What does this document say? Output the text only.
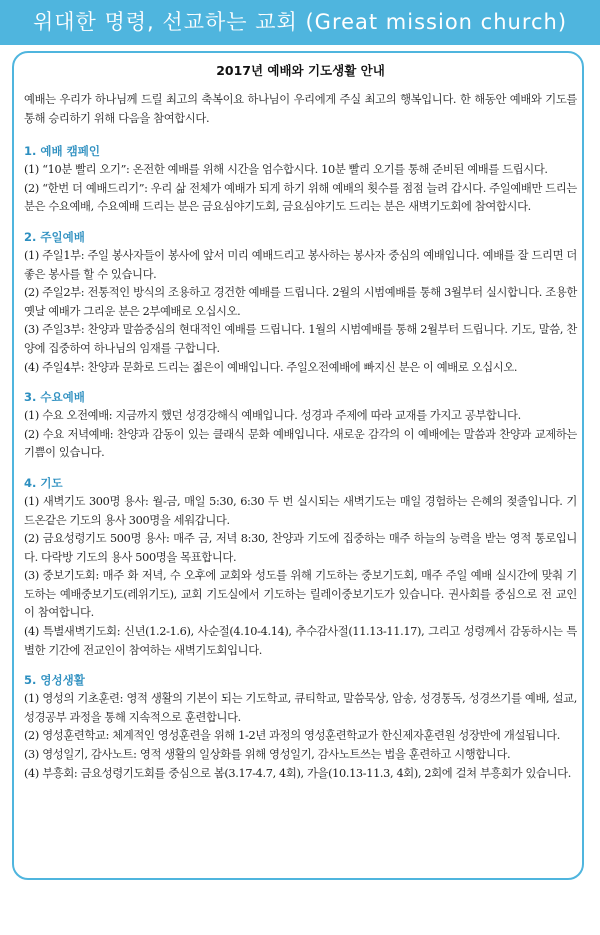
위대한 명령, 선교하는 교회 (Great mission church)
2017년 예배와 기도생활 안내

예배는 우리가 하나님께 드릴 최고의 축복이요 하나님이 우리에게 주실 최고의 행복입니다. 한 해동안 예배와 기도를 통해 승리하기 위해 다음을 참여합시다.

1. 예배 캠페인

(1) “10분 빨리 오기”: 온전한 예배를 위해 시간을 엄수합시다. 10분 빨리 오기를 통해 준비된 예배를 드립시다.

(2) “한번 더 예배드리기”: 우리 삶 전체가 예배가 되게 하기 위해 예배의 횟수를 점점 늘려 갑시다. 주일예배만 드리는 분은 수요예배, 수요예배 드리는 분은 금요심야기도회, 금요심야기도 드리는 분은 새벽기도회에 참여합시다.

2. 주일예배

(1) 주일1부: 주일 봉사자들이 봉사에 앞서 미리 예배드리고 봉사하는 봉사자 중심의 예배입니다. 예배를 잘 드리면 더 좋은 봉사를 할 수 있습니다.

(2) 주일2부: 전통적인 방식의 조용하고 경건한 예배를 드립니다. 2월의 시범예배를 통해 3월부터 실시합니다. 조용한 옛날 예배가 그리운 분은 2부예배로 오십시오.

(3) 주일3부: 찬양과 말씀중심의 현대적인 예배를 드립니다. 1월의 시범예배를 통해 2월부터 드립니다. 기도, 말씀, 찬양에 집중하여 하나님의 임재를 구합니다.

(4) 주일4부: 찬양과 문화로 드리는 젊은이 예배입니다. 주일오전예배에 빠지신 분은 이 예배로 오십시오.

3. 수요예배

(1) 수요 오전예배: 지금까지 했던 성경강해식 예배입니다. 성경과 주제에 따라 교재를 가지고 공부합니다.

(2) 수요 저녁예배: 찬양과 감동이 있는 클래식 문화 예배입니다. 새로운 감각의 이 예배에는 말씀과 찬양과 교제하는 기쁨이 있습니다.

4. 기도

(1) 새벽기도 300명 용사: 월-금, 매일 5:30, 6:30 두 번 실시되는 새벽기도는 매일 경험하는 은혜의 젖줄입니다. 기드온같은 기도의 용사 300명을 세워갑니다.

(2) 금요성령기도 500명 용사: 매주 금, 저녁 8:30, 찬양과 기도에 집중하는 매주 하늘의 능력을 받는 영적 통로입니다. 다락방 기도의 용사 500명을 목표합니다.

(3) 중보기도회: 매주 화 저녁, 수 오후에 교회와 성도를 위해 기도하는 중보기도회, 매주 주일 예배 실시간에 맞춰 기도하는 예배중보기도(레위기도), 교회 기도실에서 기도하는 릴레이중보기도가 있습니다. 권사회를 중심으로 전 교인이 참여합니다.

(4) 특별새벽기도회: 신년(1.2-1.6), 사순절(4.10-4.14), 추수감사절(11.13-11.17), 그리고 성령께서 감동하시는 특별한 기간에 전교인이 참여하는 새벽기도회입니다.

5. 영성생활

(1) 영성의 기초훈련: 영적 생활의 기본이 되는 기도학교, 큐티학교, 말씀묵상, 암송, 성경통독, 성경쓰기를 예배, 설교, 성경공부 과정을 통해 지속적으로 훈련합니다.

(2) 영성훈련학교: 체계적인 영성훈련을 위해 1-2년 과정의 영성훈련학교가 한신제자훈련원 성장반에 개설됩니다.

(3) 영성일기, 감사노트: 영적 생활의 일상화를 위해 영성일기, 감사노트쓰는 법을 훈련하고 시행합니다.

(4) 부흥회: 금요성령기도회를 중심으로 봄(3.17-4.7, 4회), 가을(10.13-11.3, 4회), 2회에 걸쳐 부흥회가 있습니다.
